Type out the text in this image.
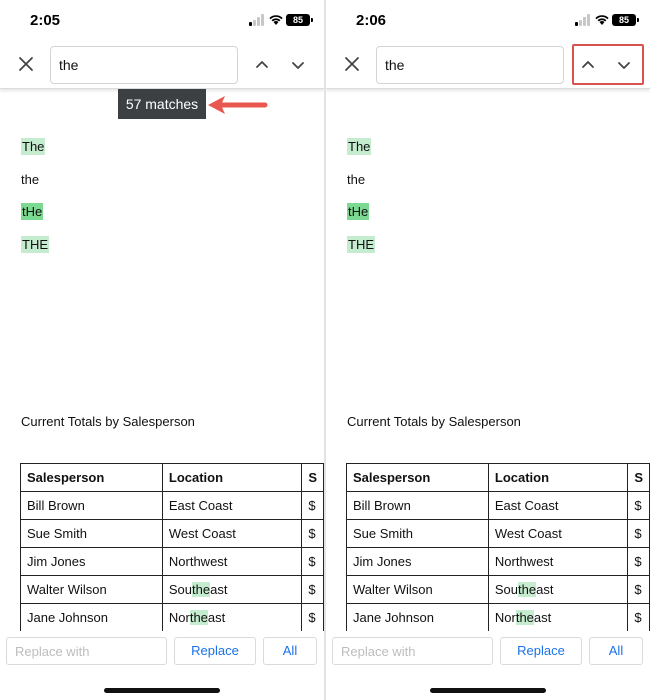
2:05	85
the
57 matches
The
the
tHe
THE
Current Totals by Salesperson
Salesperson	Location	S
Bill Brown	East Coast	$
Sue Smith	West Coast	$
Jim Jones	Northwest	$
Walter Wilson	Southeast	$
Jane Johnson	Northeast	$
Replace with
Replace	All
2:06	85
the
The
the
tHe
THE
Current Totals by Salesperson
Salesperson	Location	S
Bill Brown	East Coast	$
Sue Smith	West Coast	$
Jim Jones	Northwest	$
Walter Wilson	Southeast	$
Jane Johnson	Northeast	$
Replace with
Replace	All
